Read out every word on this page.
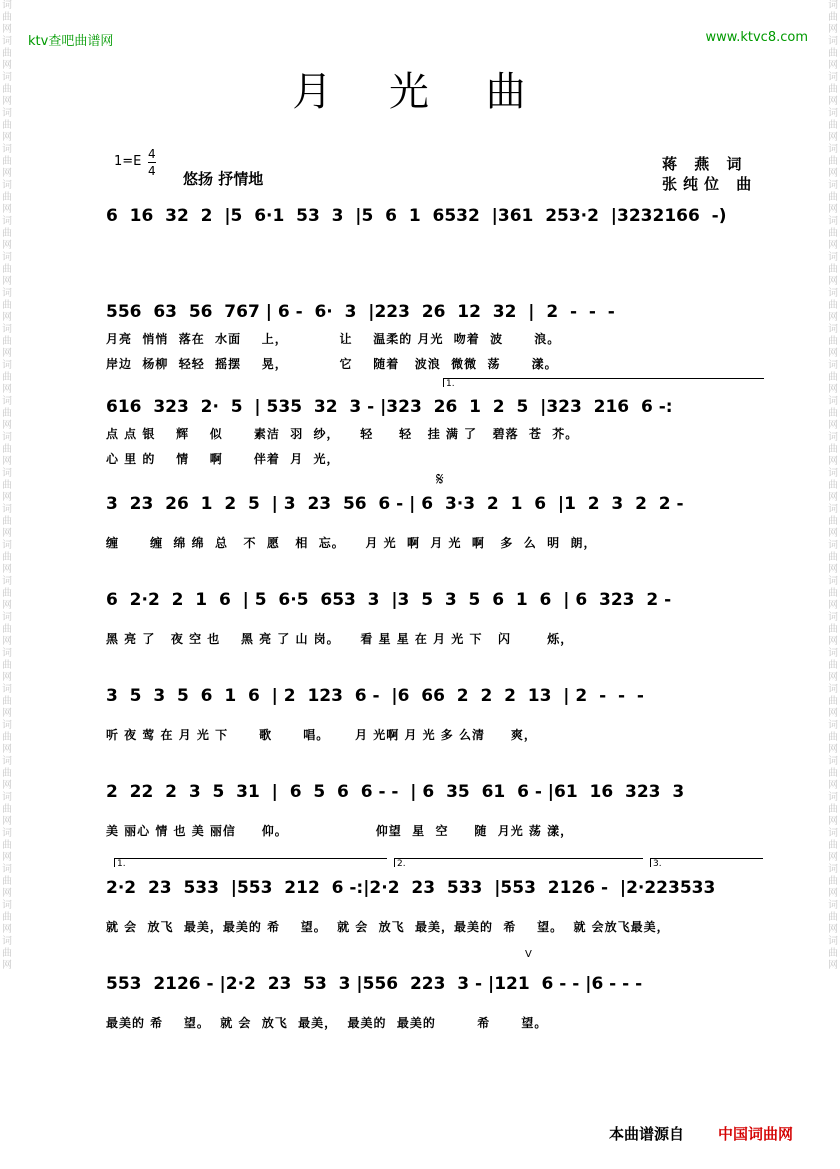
词曲网词曲网词曲网词曲网词曲网词曲网词曲网词曲网词曲网词曲网词曲网词曲网词曲网词曲网词曲网词曲网词曲网词曲网词曲网词曲网词曲网词曲网词曲网词曲网词曲网词曲网词曲网
词曲网词曲网词曲网词曲网词曲网词曲网词曲网词曲网词曲网词曲网词曲网词曲网词曲网词曲网词曲网词曲网词曲网词曲网词曲网词曲网词曲网词曲网词曲网词曲网词曲网词曲网词曲网
ktv查吧曲谱网	www.ktvc8.com
月 光 曲
1=E 4
4 悠扬 抒情地
蒋 燕 词
张纯位 曲
6  16  32  2  |5  6·1  53  3  |5  6  1  6532  |361  253·2  |3232166  -)
556  63  56  767 | 6 -  6·  3  |223  26  12  32  |  2  -  -  -
月亮  悄悄  落在  水面    上，          让    温柔的 月光  吻着  波      浪。
岸边  杨柳  轻轻  摇摆    晃，          它    随着   波浪  微微  荡      漾。
1.
616  323  2·  5  | 535  32  3 - |323  26  1  2  5  |323  216  6 -:
点 点 银    辉    似      素洁  羽  纱，    轻     轻   挂 满 了   碧落  苍  芥。
心 里 的    情    啊      伴着  月  光，
𝄋
3  23  26  1  2  5  | 3  23  56  6 - | 6  3·3  2  1  6  |1  2  3  2  2 -
缠      缠  绵 绵  总   不  愿   相  忘。    月 光  啊  月 光  啊   多  么  明  朗，
6  2·2  2  1  6  | 5  6·5  653  3  |3  5  3  5  6  1  6  | 6  323  2 -
黑 亮 了   夜 空 也    黑 亮 了 山 岗。    看 星 星 在 月 光 下   闪       烁，
3  5  3  5  6  1  6  | 2  123  6 -  |6  66  2  2  2  13  | 2  -  -  -
听 夜 莺 在 月 光 下      歌      唱。     月 光啊 月 光 多 么清     爽，
2  22  2  3  5  31  |  6  5  6  6 - -  | 6  35  61  6 - |61  16  323  3
美 丽心 情 也 美 丽信     仰。                 仰望  星  空     随  月光 荡 漾，
1.	2.	3.
2·2  23  533  |553  212  6 -:|2·2  23  533  |553  2126 -  |2·223533
就 会  放飞  最美，最美的 希    望。  就 会  放飞  最美，最美的  希    望。  就 会放飞最美，
V
553  2126 - |2·2  23  53  3 |556  223  3 - |121  6 - - |6 - - -
最美的 希    望。  就 会  放飞  最美，  最美的  最美的        希      望。
本曲谱源自 中国词曲网
